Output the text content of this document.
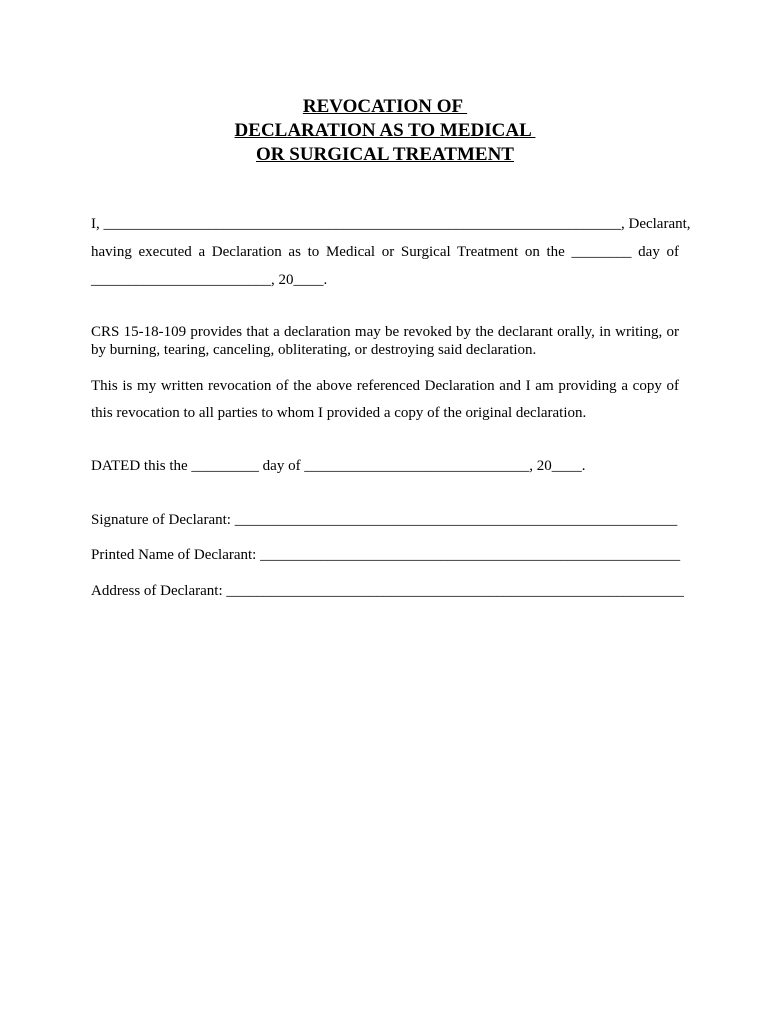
REVOCATION OF
DECLARATION AS TO MEDICAL
OR SURGICAL TREATMENT
I, _____________________________________________________________________, Declarant,
having executed a Declaration as to Medical or Surgical Treatment on the ________ day of
________________________, 20____.
CRS 15-18-109 provides that a declaration may be revoked by the declarant orally, in writing, or
by burning, tearing, canceling, obliterating, or destroying said declaration.
This is my written revocation of the above referenced Declaration and I am providing a copy of
this revocation to all parties to whom I provided a copy of the original declaration.
DATED this the _________ day of ______________________________, 20____.
Signature of Declarant: ___________________________________________________________
Printed Name of Declarant: ________________________________________________________
Address of Declarant: _____________________________________________________________
